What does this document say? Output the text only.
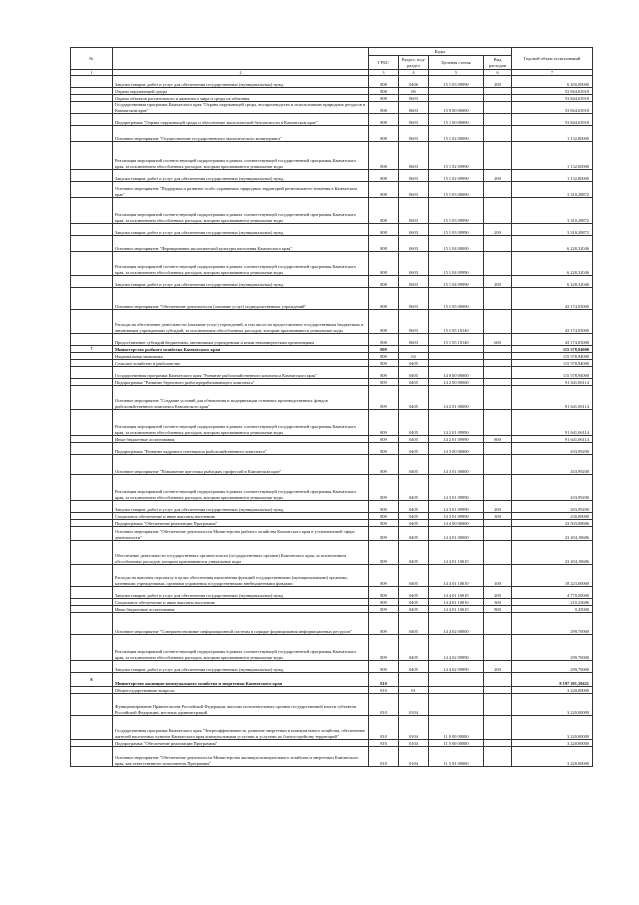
№		Коды				Годовой объем ассигнований
		ГРБС	Раздел, под-раздел	Целевая статья	Вид расходов	
1	2	3	4	5	6	7
	Закупка товаров, работ и услуг для обеспечения государственных (муниципальных) нужд	808	0406	15 1 03 09990	200	6 450,00000
	Охрана окружающей среды	808	06			53 844,63918
	Охрана объектов растительного и животного мира и среды их обитания	808	0603			53 844,63918
	Государственная программа Камчатского края "Охрана окружающей среды, воспроизводство и использование природных ресурсов в Камчатском крае"	808	0603	15 0 00 00000		53 844,63918
	Подпрограмма "Охрана окружающей среды и обеспечение экологической безопасности в Камчатском крае"	808	0603	15 1 00 00000		53 844,63918
	Основное мероприятие "Осуществление государственного экологического мониторинга"	808	0603	15 1 02 00000		1 132,00000
	Реализация мероприятий соответствующей подпрограммы в рамках соответствующей государственной программы Камчатского края, за исключением обособленных расходов, которым присваиваются уникальные коды	808	0603	15 1 02 09990		1 132,00000
	Закупка товаров, работ и услуг для обеспечения государственных (муниципальных) нужд	808	0603	15 1 02 09990	200	1 132,00000
	Основное мероприятие "Поддержка и развитие особо охраняемых природных территорий регионального значения в Камчатском крае"	808	0603	15 1 03 00000		3 310,28872
	Реализация мероприятий соответствующей подпрограммы в рамках соответствующей государственной программы Камчатского края, за исключением обособленных расходов, которым присваиваются уникальные коды	808	0603	15 1 03 09990		3 310,28872
	Закупка товаров, работ и услуг для обеспечения государственных (муниципальных) нужд	808	0603	15 1 03 09990	200	3 310,28872
	Основное мероприятие "Формирование экологической культуры населения Камчатского края"	808	0603	15 1 04 00000		6 228,32046
	Реализация мероприятий соответствующей подпрограммы в рамках соответствующей государственной программы Камчатского края, за исключением обособленных расходов, которым присваиваются уникальные коды	808	0603	15 1 04 09990		6 228,32046
	Закупка товаров, работ и услуг для обеспечения государственных (муниципальных) нужд	808	0603	15 1 04 09990	200	6 228,32046
	Основное мероприятие "Обеспечение деятельности (оказание услуг) подведомственных учреждений"	808	0603	15 1 05 00000		43 174,03000
	Расходы на обеспечение деятельности (оказание услуг) учреждений, в том числе на предоставление государственным бюджетным и автономным учреждениям субсидий, за исключением обособленных расходов, которым присваиваются уникальные коды	808	0603	15 1 05 10140		43 174,03000
	Предоставление субсидий бюджетным, автономным учреждениям и иным некоммерческим организациям	808	0603	15 1 05 10140	600	43 174,03000
7	Министерство рыбного хозяйства Камчатского края	809				115 578,94000
	Национальная экономика	809	04			115 578,94000
	Сельское хозяйство и рыболовство	809	0405			115 578,94000
	Государственная программа Камчатского края "Развитие рыбохозяйственного комплекса Камчатского края"	809	0405	14 0 00 00000		115 578,94000
	Подпрограмма "Развитие берегового рыбоперерабатывающего комплекса"	809	0405	14 2 00 00000		91 641,06114
	Основное мероприятие "Создание условий для обновления и модернизации основных производственных фондов рыбохозяйственного комплекса Камчатского края"	809	0405	14 2 01 00000		91 641,06114
	Реализация мероприятий соответствующей подпрограммы в рамках соответствующей государственной программы Камчатского края, за исключением обособленных расходов, которым присваиваются уникальные коды	809	0405	14 2 01 09990		91 641,06114
	Иные бюджетные ассигнования	809	0405	14 2 01 09990	800	91 641,06114
	Подпрограмма "Развитие кадрового потенциала рыбохозяйственного комплекса"	809	0405	14 3 00 00000		433,99200
	Основное мероприятие "Повышение престижа рыбацких профессий в Камчатском крае"	809	0405	14 3 01 00000		433,99200
	Реализация мероприятий соответствующей подпрограммы в рамках соответствующей государственной программы Камчатского края, за исключением обособленных расходов, которым присваиваются уникальные коды	809	0405	14 3 01 09990		433,99200
	Закупка товаров, работ и услуг для обеспечения государственных (муниципальных) нужд	809	0405	14 3 01 09990	200	203,99200
	Социальное обеспечение и иные выплаты населению	809	0405	14 3 01 09990	300	230,00000
	Подпрограмма "Обеспечение реализации Программы"	809	0405	14 4 00 00000		23 503,88686
	Основное мероприятие "Обеспечение деятельности Министерства рыбного хозяйства Камчатского края в установленной сфере деятельности"	809	0405	14 4 01 00000		23 204,18686
	Обеспечение деятельности государственных органов власти (государственных органов) Камчатского края, за исключением обособленных расходов, которым присваиваются уникальные коды	809	0405	14 4 01 10010		23 204,18686
	Расходы на выплаты персоналу в целях обеспечения выполнения функций государственными (муниципальными) органами, казенными учреждениями, органами управления государственными внебюджетными фондами	809	0405	14 4 01 10010	100	18 223,00000
	Закупка товаров, работ и услуг для обеспечения государственных (муниципальных) нужд	809	0405	14 4 01 10010	200	4 770,50000
	Социальное обеспечение и иные выплаты населению	809	0405	14 4 01 10010	300	210,23686
	Иные бюджетные ассигнования	809	0405	14 4 01 10010	800	0,45000
	Основное мероприятие "Совершенствование информационной системы в порядке формирования информационных ресурсов"	809	0405	14 4 02 00000		299,70000
	Реализация мероприятий соответствующей подпрограммы в рамках соответствующей государственной программы Камчатского края, за исключением обособленных расходов, которым присваиваются уникальные коды	809	0405	14 4 02 09990		299,70000
	Закупка товаров, работ и услуг для обеспечения государственных (муниципальных) нужд	809	0405	14 4 02 09990	200	299,70000
8	Министерство жилищно-коммунального хозяйства и энергетики Камчатского края	810				8 197 381,39421
	Общегосударственные вопросы	810	01			3 220,00000
	Функционирование Правительства Российской Федерации, высших исполнительных органов государственной власти субъектов Российской Федерации, местных администраций	810	0104			3 220,00000
	Государственная программа Камчатского края "Энергоэффективность, развитие энергетики и коммунального хозяйства, обеспечение жителей населенных пунктов Камчатского края коммунальными услугами и услугами по благоустройству территорий"	810	0104	11 0 00 00000		3 220,00000
	Подпрограмма "Обеспечение реализации Программы"	810	0104	11 5 00 00000		3 220,00000
	Основное мероприятие "Обеспечение деятельности Министерства жилищно-коммунального хозяйства и энергетики Камчатского края, как ответственного исполнителя Программы"	810	0104	11 5 01 00000		3 220,00000
